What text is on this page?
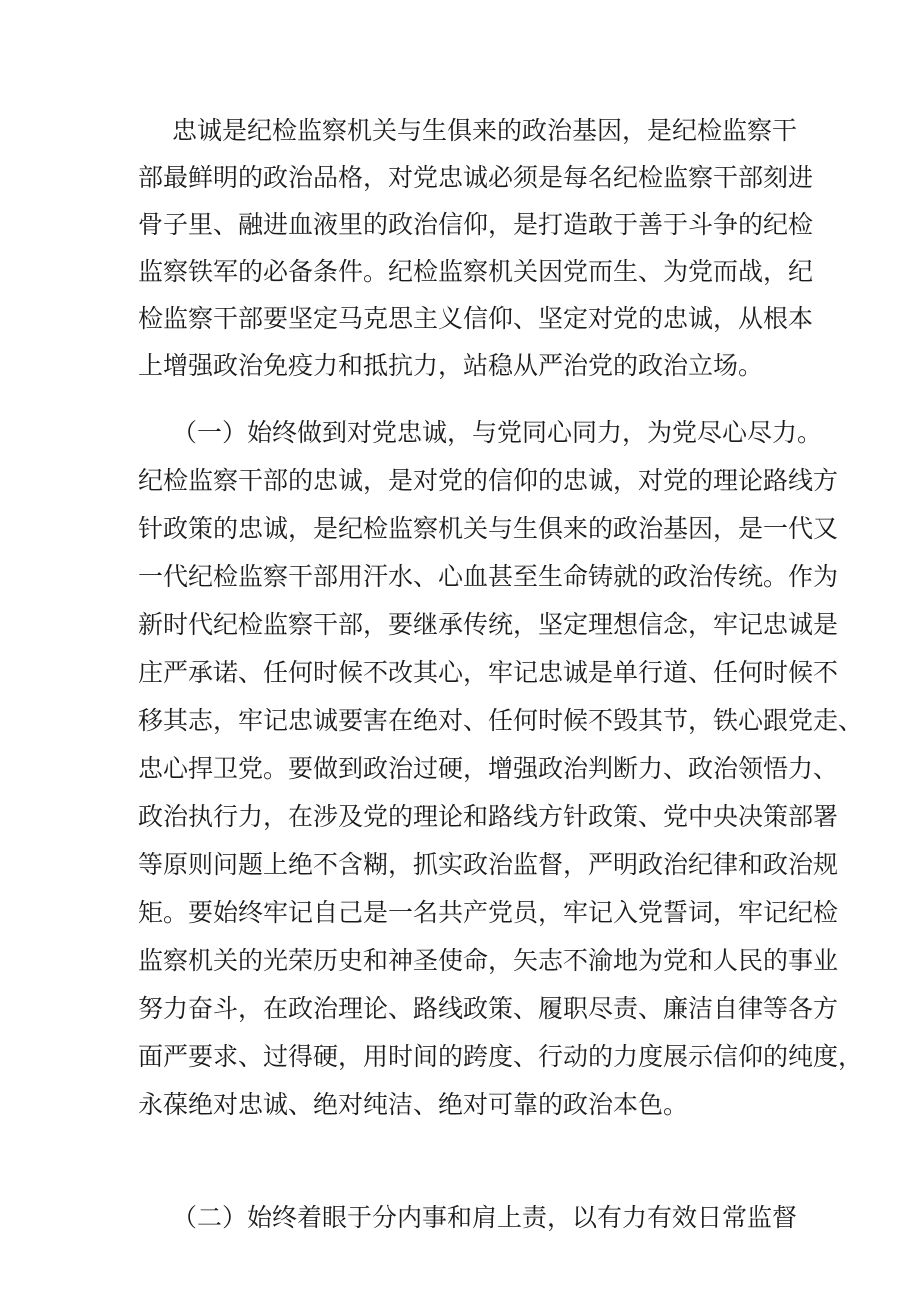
忠诚是纪检监察机关与生俱来的政治基因，是纪检监察干
部最鲜明的政治品格，对党忠诚必须是每名纪检监察干部刻进
骨子里、融进血液里的政治信仰，是打造敢于善于斗争的纪检
监察铁军的必备条件。纪检监察机关因党而生、为党而战，纪
检监察干部要坚定马克思主义信仰、坚定对党的忠诚，从根本
上增强政治免疫力和抵抗力，站稳从严治党的政治立场。
（一）始终做到对党忠诚，与党同心同力，为党尽心尽力。
纪检监察干部的忠诚，是对党的信仰的忠诚，对党的理论路线方
针政策的忠诚，是纪检监察机关与生俱来的政治基因，是一代又
一代纪检监察干部用汗水、心血甚至生命铸就的政治传统。作为
新时代纪检监察干部，要继承传统，坚定理想信念，牢记忠诚是
庄严承诺、任何时候不改其心，牢记忠诚是单行道、任何时候不
移其志，牢记忠诚要害在绝对、任何时候不毁其节，铁心跟党走、
忠心捍卫党。要做到政治过硬，增强政治判断力、政治领悟力、
政治执行力，在涉及党的理论和路线方针政策、党中央决策部署
等原则问题上绝不含糊，抓实政治监督，严明政治纪律和政治规
矩。要始终牢记自己是一名共产党员，牢记入党誓词，牢记纪检
监察机关的光荣历史和神圣使命，矢志不渝地为党和人民的事业
努力奋斗，在政治理论、路线政策、履职尽责、廉洁自律等各方
面严要求、过得硬，用时间的跨度、行动的力度展示信仰的纯度，
永葆绝对忠诚、绝对纯洁、绝对可靠的政治本色。
（二）始终着眼于分内事和肩上责，以有力有效日常监督
